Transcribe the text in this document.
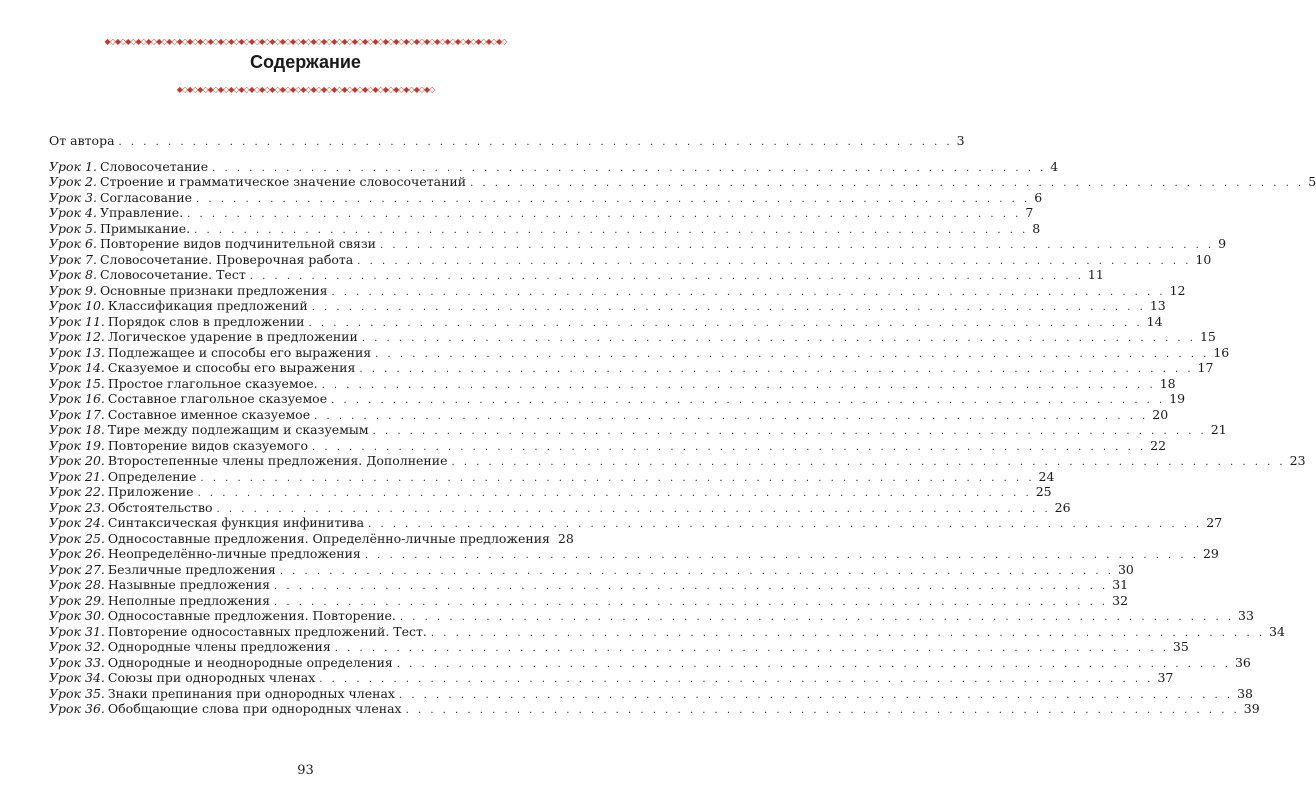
◆◇◆◇◆◇◆◇◆◇◆◇◆◇◆◇◆◇◆◇◆◇◆◇◆◇◆◇◆◇◆◇◆◇◆◇◆◇◆◇◆◇◆◇◆◇◆◇◆◇◆◇◆◇◆◇◆◇◆◇◆◇◆◇◆◇◆◇◆◇◆◇◆◇◆◇◆◇
Содержание
◆◇◆◇◆◇◆◇◆◇◆◇◆◇◆◇◆◇◆◇◆◇◆◇◆◇◆◇◆◇◆◇◆◇◆◇◆◇◆◇◆◇◆◇◆◇◆◇◆◇
От автора . . .	3
Урок 1. Словосочетание . . .	4
Урок 2. Строение и грамматическое значение словосочетаний . . .	5
Урок 3. Согласование . . .	6
Урок 4. Управление. . . .	7
Урок 5. Примыкание. . . .	8
Урок 6. Повторение видов подчинительной связи . . .	9
Урок 7. Словосочетание. Проверочная работа . . .	10
Урок 8. Словосочетание. Тест . . .	11
Урок 9. Основные признаки предложения . . .	12
Урок 10. Классификация предложений . . .	13
Урок 11. Порядок слов в предложении . . .	14
Урок 12. Логическое ударение в предложении . . .	15
Урок 13. Подлежащее и способы его выражения . . .	16
Урок 14. Сказуемое и способы его выражения . . .	17
Урок 15. Простое глагольное сказуемое. . . .	18
Урок 16. Составное глагольное сказуемое . . .	19
Урок 17. Составное именное сказуемое . . .	20
Урок 18. Тире между подлежащим и сказуемым . . .	21
Урок 19. Повторение видов сказуемого . . .	22
Урок 20. Второстепенные члены предложения. Дополнение . . .	23
Урок 21. Определение . . .	24
Урок 22. Приложение . . .	25
Урок 23. Обстоятельство . . .	26
Урок 24. Синтаксическая функция инфинитива . . .	27
Урок 25. Односоставные предложения. Определённо-личные предложения 28
Урок 26. Неопределённо-личные предложения . . .	29
Урок 27. Безличные предложения . . .	30
Урок 28. Назывные предложения . . .	31
Урок 29. Неполные предложения . . .	32
Урок 30. Односоставные предложения. Повторение. . . .	33
Урок 31. Повторение односоставных предложений. Тест. . . .	34
Урок 32. Однородные члены предложения . . .	35
Урок 33. Однородные и неоднородные определения . . .	36
Урок 34. Союзы при однородных членах . . .	37
Урок 35. Знаки препинания при однородных членах . . .	38
Урок 36. Обобщающие слова при однородных членах . . .	39
93
